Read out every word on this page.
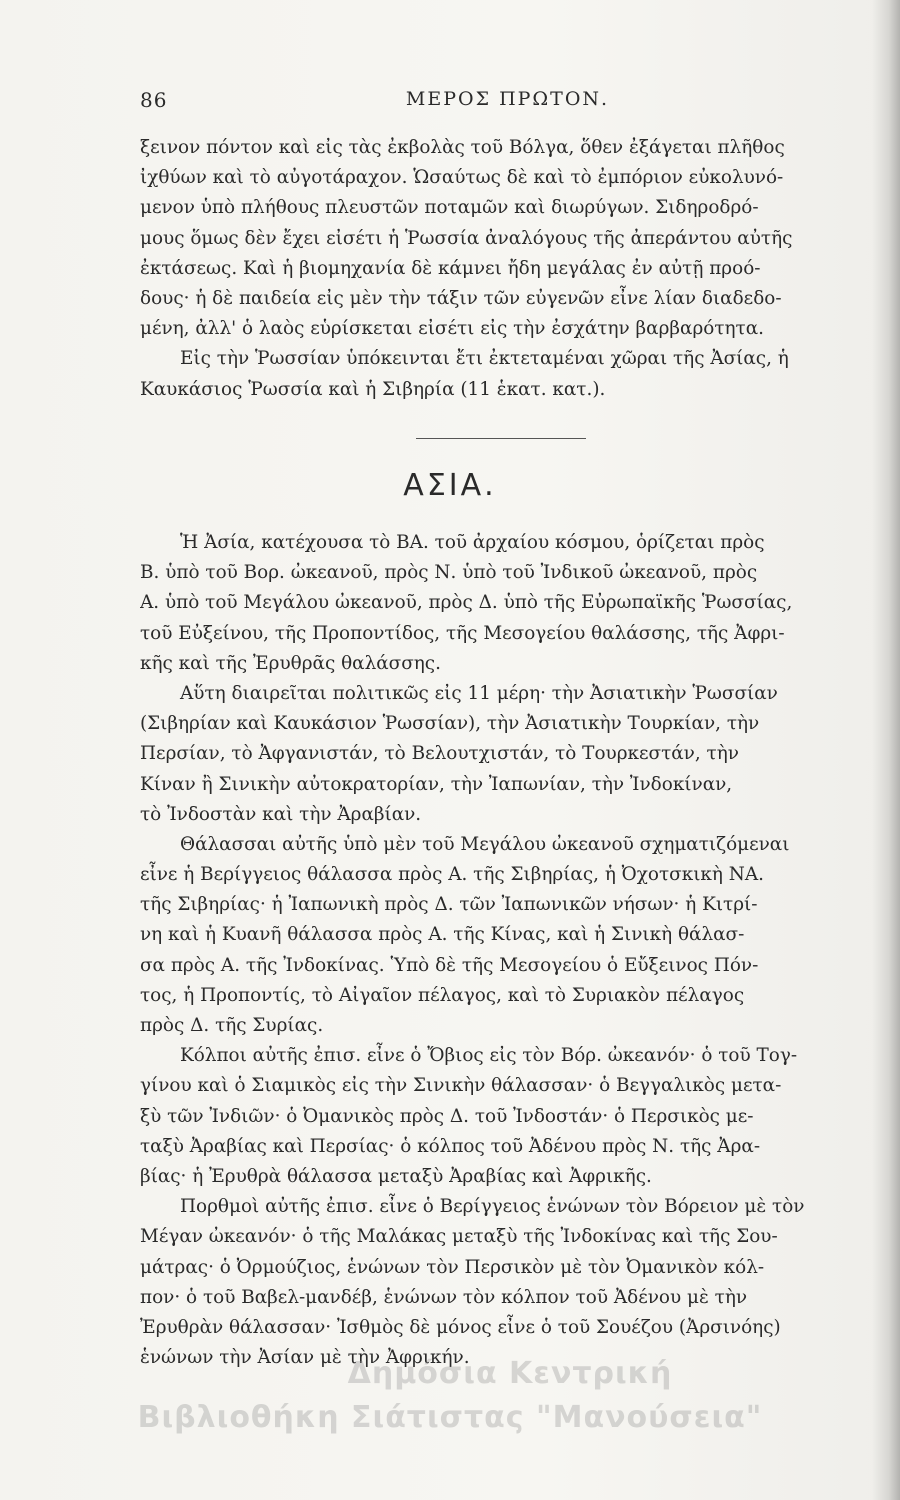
86	ΜΕΡΟΣ ΠΡΩΤΟΝ.
ξεινον πόντον καὶ εἰς τὰς ἐκβολὰς τοῦ Βόλγα, ὅθεν ἐξάγεται πλῆθος
ἰχθύων καὶ τὸ αὐγοτάραχον. Ὡσαύτως δὲ καὶ τὸ ἐμπόριον εὐκολυνό-
μενον ὑπὸ πλήθους πλευστῶν ποταμῶν καὶ διωρύγων. Σιδηροδρό-
μους ὅμως δὲν ἔχει εἰσέτι ἡ Ῥωσσία ἀναλόγους τῆς ἀπεράντου αὐτῆς
ἐκτάσεως. Καὶ ἡ βιομηχανία δὲ κάμνει ἤδη μεγάλας ἐν αὐτῇ προό-
δους· ἡ δὲ παιδεία εἰς μὲν τὴν τάξιν τῶν εὐγενῶν εἶνε λίαν διαδεδο-
μένη, ἀλλ' ὁ λαὸς εὑρίσκεται εἰσέτι εἰς τὴν ἐσχάτην βαρβαρότητα.
Εἰς τὴν Ῥωσσίαν ὑπόκεινται ἔτι ἐκτεταμέναι χῶραι τῆς Ἀσίας, ἡ
Καυκάσιος Ῥωσσία καὶ ἡ Σιβηρία (11 ἑκατ. κατ.).
ΑΣΙΑ.
Ἡ Ἀσία, κατέχουσα τὸ ΒΑ. τοῦ ἀρχαίου κόσμου, ὁρίζεται πρὸς
Β. ὑπὸ τοῦ Βορ. ὠκεανοῦ, πρὸς Ν. ὑπὸ τοῦ Ἰνδικοῦ ὠκεανοῦ, πρὸς
Α. ὑπὸ τοῦ Μεγάλου ὠκεανοῦ, πρὸς Δ. ὑπὸ τῆς Εὐρωπαϊκῆς Ῥωσσίας,
τοῦ Εὐξείνου, τῆς Προποντίδος, τῆς Μεσογείου θαλάσσης, τῆς Ἀφρι-
κῆς καὶ τῆς Ἐρυθρᾶς θαλάσσης.
Αὕτη διαιρεῖται πολιτικῶς εἰς 11 μέρη· τὴν Ἀσιατικὴν Ῥωσσίαν
(Σιβηρίαν καὶ Καυκάσιον Ῥωσσίαν), τὴν Ἀσιατικὴν Τουρκίαν, τὴν
Περσίαν, τὸ Ἀφγανιστάν, τὸ Βελουτχιστάν, τὸ Τουρκεστάν, τὴν
Κίναν ἢ Σινικὴν αὐτοκρατορίαν, τὴν Ἰαπωνίαν, τὴν Ἰνδοκίναν,
τὸ Ἰνδοστὰν καὶ τὴν Ἀραβίαν.
Θάλασσαι αὐτῆς ὑπὸ μὲν τοῦ Μεγάλου ὠκεανοῦ σχηματιζόμεναι
εἶνε ἡ Βερίγγειος θάλασσα πρὸς Α. τῆς Σιβηρίας, ἡ Ὀχοτσκικὴ ΝΑ.
τῆς Σιβηρίας· ἡ Ἰαπωνικὴ πρὸς Δ. τῶν Ἰαπωνικῶν νήσων· ἡ Κιτρί-
νη καὶ ἡ Κυανῆ θάλασσα πρὸς Α. τῆς Κίνας, καὶ ἡ Σινικὴ θάλασ-
σα πρὸς Α. τῆς Ἰνδοκίνας. Ὑπὸ δὲ τῆς Μεσογείου ὁ Εὔξεινος Πόν-
τος, ἡ Προποντίς, τὸ Αἰγαῖον πέλαγος, καὶ τὸ Συριακὸν πέλαγος
πρὸς Δ. τῆς Συρίας.
Κόλποι αὐτῆς ἐπισ. εἶνε ὁ Ὄβιος εἰς τὸν Βόρ. ὠκεανόν· ὁ τοῦ Τογ-
γίνου καὶ ὁ Σιαμικὸς εἰς τὴν Σινικὴν θάλασσαν· ὁ Βεγγαλικὸς μετα-
ξὺ τῶν Ἰνδιῶν· ὁ Ὀμανικὸς πρὸς Δ. τοῦ Ἰνδοστάν· ὁ Περσικὸς με-
ταξὺ Ἀραβίας καὶ Περσίας· ὁ κόλπος τοῦ Ἀδένου πρὸς Ν. τῆς Ἀρα-
βίας· ἡ Ἐρυθρὰ θάλασσα μεταξὺ Ἀραβίας καὶ Ἀφρικῆς.
Πορθμοὶ αὐτῆς ἐπισ. εἶνε ὁ Βερίγγειος ἑνώνων τὸν Βόρειον μὲ τὸν
Μέγαν ὠκεανόν· ὁ τῆς Μαλάκας μεταξὺ τῆς Ἰνδοκίνας καὶ τῆς Σου-
μάτρας· ὁ Ὀρμούζιος, ἑνώνων τὸν Περσικὸν μὲ τὸν Ὀμανικὸν κόλ-
πον· ὁ τοῦ Βαβελ-μανδέβ, ἑνώνων τὸν κόλπον τοῦ Ἀδένου μὲ τὴν
Ἐρυθρὰν θάλασσαν· Ἰσθμὸς δὲ μόνος εἶνε ὁ τοῦ Σουέζου (Ἀρσινόης)
ἑνώνων τὴν Ἀσίαν μὲ τὴν Ἀφρικήν.
Δημόσια Κεντρική
Βιβλιοθήκη Σιάτιστας "Μανούσεια"
